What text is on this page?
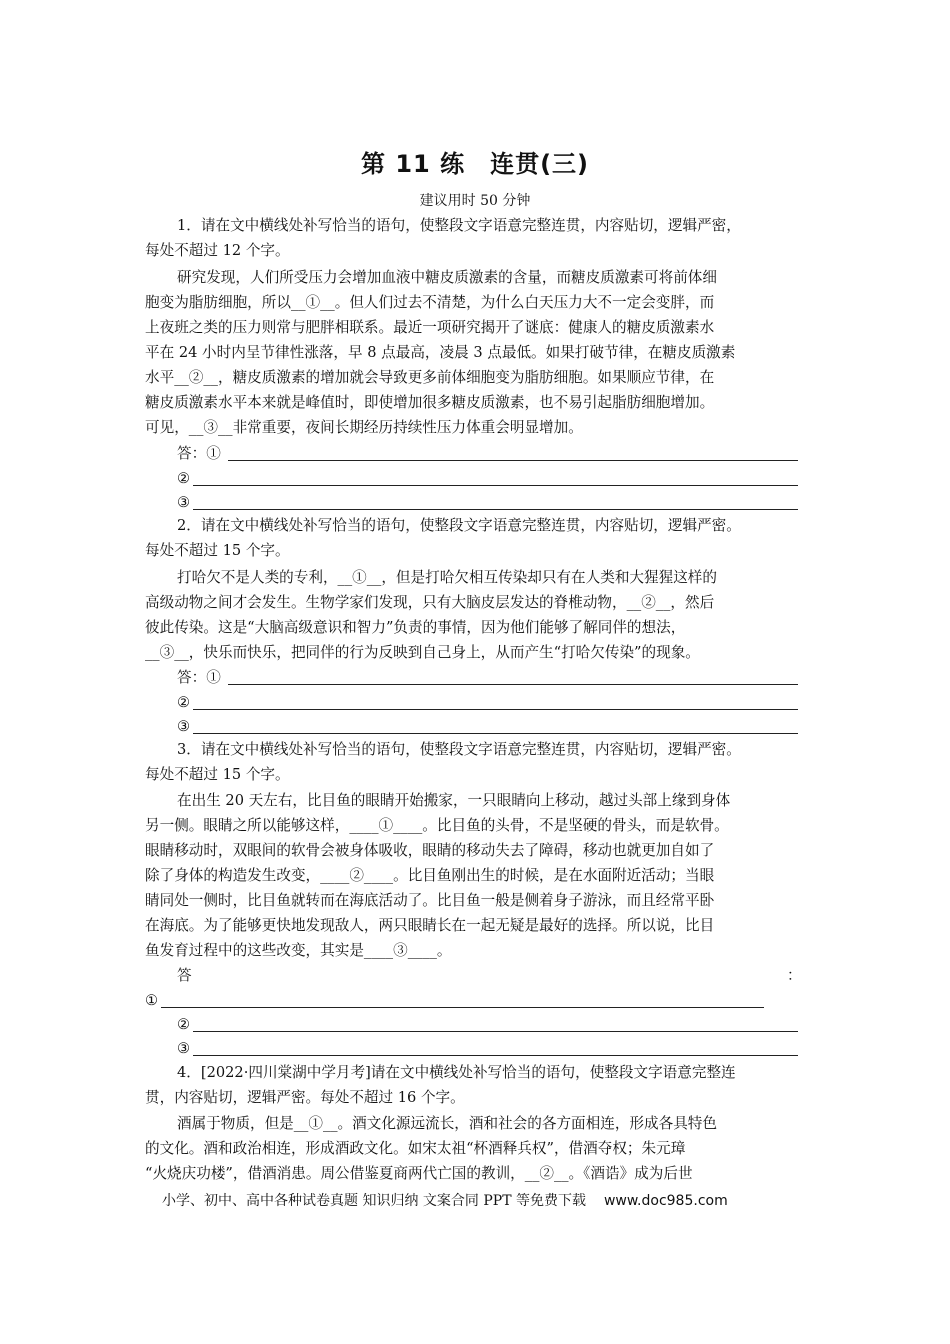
第 11 练　连贯(三)
建议用时 50 分钟
1．请在文中横线处补写恰当的语句，使整段文字语意完整连贯，内容贴切，逻辑严密，
每处不超过 12 个字。
研究发现，人们所受压力会增加血液中糖皮质激素的含量，而糖皮质激素可将前体细
胞变为脂肪细胞，所以__①__。但人们过去不清楚，为什么白天压力大不一定会变胖，而
上夜班之类的压力则常与肥胖相联系。最近一项研究揭开了谜底：健康人的糖皮质激素水
平在 24 小时内呈节律性涨落，早 8 点最高，凌晨 3 点最低。如果打破节律，在糖皮质激素
水平__②__，糖皮质激素的增加就会导致更多前体细胞变为脂肪细胞。如果顺应节律，在
糖皮质激素水平本来就是峰值时，即使增加很多糖皮质激素，也不易引起脂肪细胞增加。
可见，__③__非常重要，夜间长期经历持续性压力体重会明显增加。
答：①
②
③
2．请在文中横线处补写恰当的语句，使整段文字语意完整连贯，内容贴切，逻辑严密。
每处不超过 15 个字。
打哈欠不是人类的专利，__①__，但是打哈欠相互传染却只有在人类和大猩猩这样的
高级动物之间才会发生。生物学家们发现，只有大脑皮层发达的脊椎动物，__②__，然后
彼此传染。这是“大脑高级意识和智力”负责的事情，因为他们能够了解同伴的想法，
__③__，快乐而快乐，把同伴的行为反映到自己身上，从而产生“打哈欠传染”的现象。
答：①
②
③
3．请在文中横线处补写恰当的语句，使整段文字语意完整连贯，内容贴切，逻辑严密。
每处不超过 15 个字。
在出生 20 天左右，比目鱼的眼睛开始搬家，一只眼睛向上移动，越过头部上缘到身体
另一侧。眼睛之所以能够这样，____①____。比目鱼的头骨，不是坚硬的骨头，而是软骨。
眼睛移动时，双眼间的软骨会被身体吸收，眼睛的移动失去了障碍，移动也就更加自如了
除了身体的构造发生改变，____②____。比目鱼刚出生的时候，是在水面附近活动；当眼
睛同处一侧时，比目鱼就转而在海底活动了。比目鱼一般是侧着身子游泳，而且经常平卧
在海底。为了能够更快地发现敌人，两只眼睛长在一起无疑是最好的选择。所以说，比目
鱼发育过程中的这些改变，其实是____③____。
答	：
①
②
③
4．[2022·四川棠湖中学月考]请在文中横线处补写恰当的语句，使整段文字语意完整连
贯，内容贴切，逻辑严密。每处不超过 16 个字。
酒属于物质，但是__①__。酒文化源远流长，酒和社会的各方面相连，形成各具特色
的文化。酒和政治相连，形成酒政文化。如宋太祖“杯酒释兵权”，借酒夺权；朱元璋
“火烧庆功楼”，借酒消患。周公借鉴夏商两代亡国的教训，__②__。《酒诰》成为后世
小学、初中、高中各种试卷真题 知识归纳 文案合同 PPT 等免费下载 www.doc985.com
